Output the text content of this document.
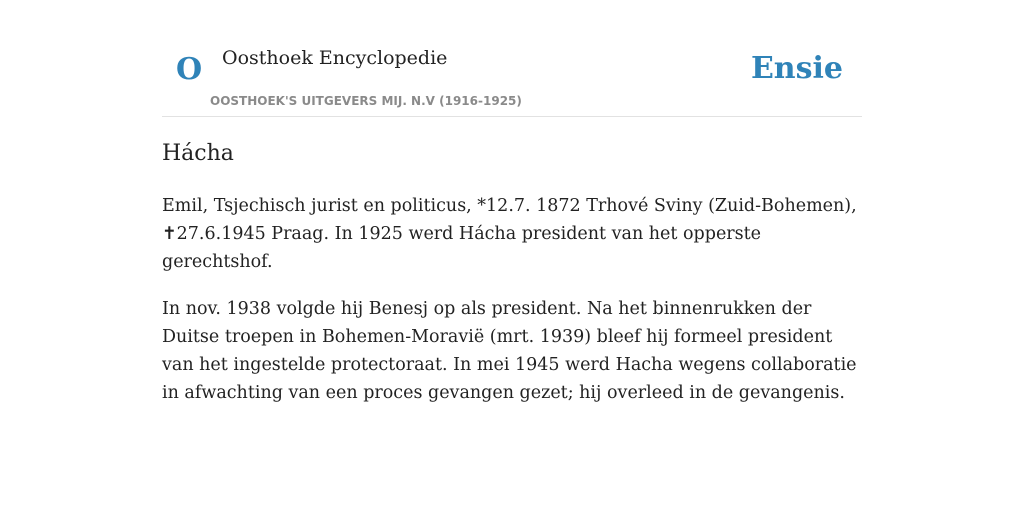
O Oosthoek Encyclopedie
OOSTHOEK'S UITGEVERS MIJ. N.V (1916-1925)
Ensie
Hácha

Emil, Tsjechisch jurist en politicus, *12.7. 1872 Trhové Sviny (Zuid-Bohemen), ✝27.6.1945 Praag. In 1925 werd Hácha president van het opperste gerechtshof.

In nov. 1938 volgde hij Benesj op als president. Na het binnenrukken der Duitse troepen in Bohemen-Moravië (mrt. 1939) bleef hij formeel president van het ingestelde protectoraat. In mei 1945 werd Hacha wegens collaboratie in afwachting van een proces gevangen gezet; hij overleed in de gevangenis.
